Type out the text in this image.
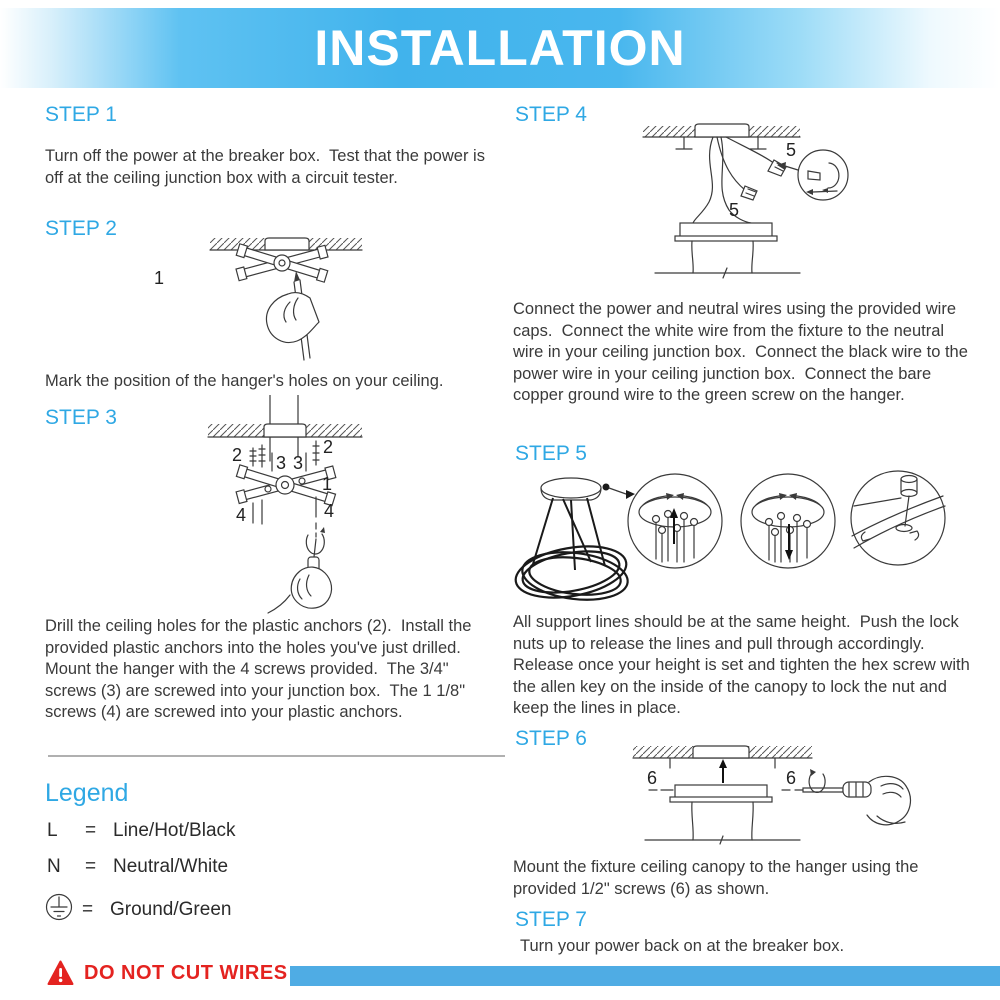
INSTALLATION
STEP 1
Turn off the power at the breaker box.  Test that the power is off at the ceiling junction box with a circuit tester.
STEP 2
1
Mark the position of the hanger's holes on your ceiling.
STEP 3
2	2
3 3
1
4	4
Drill the ceiling holes for the plastic anchors (2).  Install the provided plastic anchors into the holes you've just drilled.  Mount the hanger with the 4 screws provided.  The 3/4" screws (3) are screwed into your junction box.  The 1 1/8" screws (4) are screwed into your plastic anchors.
Legend
L	= Line/Hot/Black
N	= Neutral/White
= Ground/Green
STEP 4
5
5
Connect the power and neutral wires using the provided wire caps.  Connect the white wire from the fixture to the neutral wire in your ceiling junction box.  Connect the black wire to the power wire in your ceiling junction box.  Connect the bare copper ground wire to the green screw on the hanger.
STEP 5
All support lines should be at the same height.  Push the lock nuts up to release the lines and pull through accordingly.  Release once your height is set and tighten the hex screw with the allen key on the inside of the canopy to lock the nut and keep the lines in place.
STEP 6
6	6
Mount the fixture ceiling canopy to the hanger using the provided 1/2" screws (6) as shown.
STEP 7
Turn your power back on at the breaker box.
DO NOT CUT WIRES
